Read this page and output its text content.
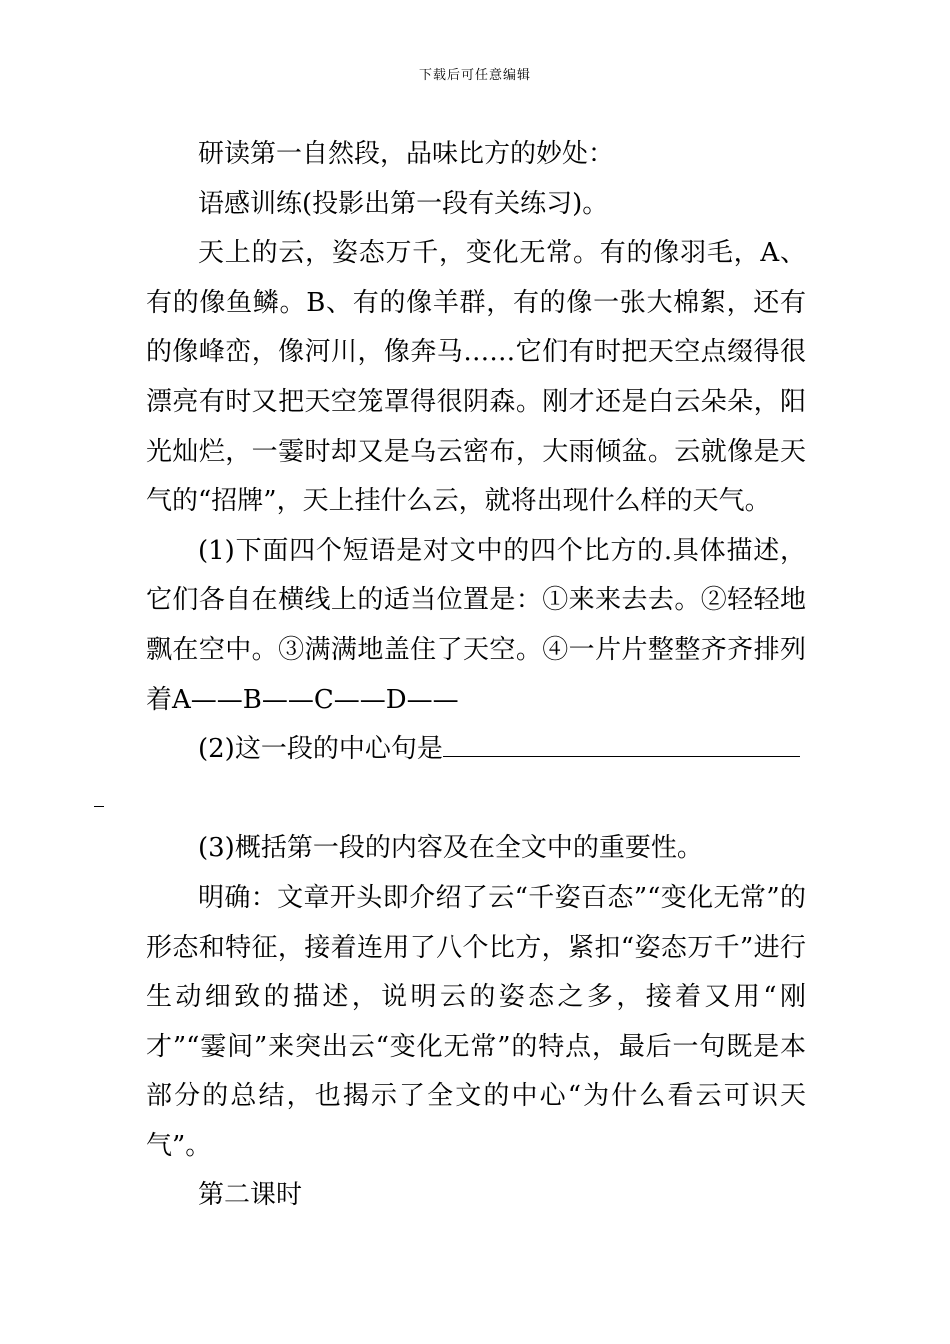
下载后可任意编辑

研读第一自然段，品味比方的妙处：

语感训练(投影出第一段有关练习)。

天上的云，姿态万千，变化无常。有的像羽毛，A、有的像鱼鳞。B、有的像羊群，有的像一张大棉絮，还有的像峰峦，像河川，像奔马……它们有时把天空点缀得很漂亮有时又把天空笼罩得很阴森。刚才还是白云朵朵，阳光灿烂，一霎时却又是乌云密布，大雨倾盆。云就像是天气的“招牌”，天上挂什么云，就将出现什么样的天气。

(1)下面四个短语是对文中的四个比方的.具体描述，它们各自在横线上的适当位置是：①来来去去。②轻轻地飘在空中。③满满地盖住了天空。④一片片整整齐齐排列着A——B——C——D——

(2)这一段的中心句是

(3)概括第一段的内容及在全文中的重要性。

明确：文章开头即介绍了云“千姿百态”“变化无常”的形态和特征，接着连用了八个比方，紧扣“姿态万千”进行生动细致的描述，说明云的姿态之多，接着又用“刚才”“霎间”来突出云“变化无常”的特点，最后一句既是本部分的总结，也揭示了全文的中心“为什么看云可识天气”。

第二课时
